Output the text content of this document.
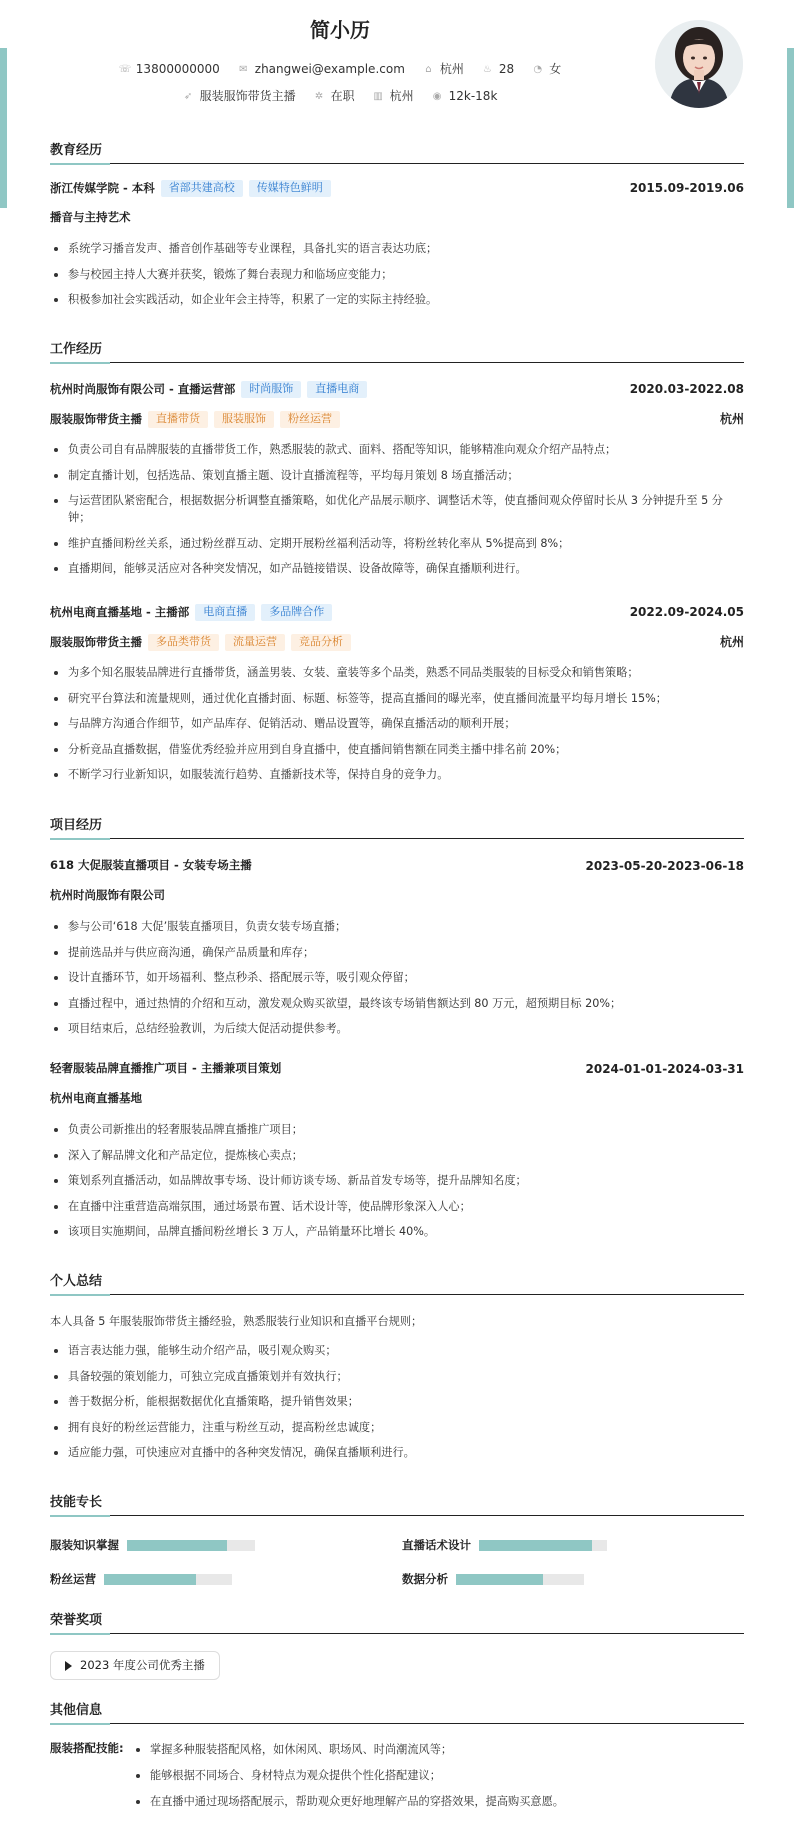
简小历
☏ 13800000000 ✉ zhangwei@example.com ⌂ 杭州 ♨ 28 ◔ 女
➶ 服装服饰带货主播 ✲ 在职 ▥ 杭州 ◉ 12k-18k
教育经历
浙江传媒学院 - 本科	省部共建高校	传媒特色鲜明	2015.09-2019.06
播音与主持艺术
系统学习播音发声、播音创作基础等专业课程，具备扎实的语言表达功底；
参与校园主持人大赛并获奖，锻炼了舞台表现力和临场应变能力；
积极参加社会实践活动，如企业年会主持等，积累了一定的实际主持经验。
工作经历
杭州时尚服饰有限公司 - 直播运营部	时尚服饰	直播电商	2020.03-2022.08
服装服饰带货主播	直播带货	服装服饰	粉丝运营	杭州
负责公司自有品牌服装的直播带货工作，熟悉服装的款式、面料、搭配等知识，能够精准向观众介绍产品特点；
制定直播计划，包括选品、策划直播主题、设计直播流程等，平均每月策划 8 场直播活动；
与运营团队紧密配合，根据数据分析调整直播策略，如优化产品展示顺序、调整话术等，使直播间观众停留时长从 3 分钟提升至 5 分钟；
维护直播间粉丝关系，通过粉丝群互动、定期开展粉丝福利活动等，将粉丝转化率从 5%提高到 8%；
直播期间，能够灵活应对各种突发情况，如产品链接错误、设备故障等，确保直播顺利进行。
杭州电商直播基地 - 主播部	电商直播	多品牌合作	2022.09-2024.05
服装服饰带货主播	多品类带货	流量运营	竞品分析	杭州
为多个知名服装品牌进行直播带货，涵盖男装、女装、童装等多个品类，熟悉不同品类服装的目标受众和销售策略；
研究平台算法和流量规则，通过优化直播封面、标题、标签等，提高直播间的曝光率，使直播间流量平均每月增长 15%；
与品牌方沟通合作细节，如产品库存、促销活动、赠品设置等，确保直播活动的顺利开展；
分析竞品直播数据，借鉴优秀经验并应用到自身直播中，使直播间销售额在同类主播中排名前 20%；
不断学习行业新知识，如服装流行趋势、直播新技术等，保持自身的竞争力。
项目经历
618 大促服装直播项目 - 女装专场主播	2023-05-20-2023-06-18
杭州时尚服饰有限公司
参与公司‘618 大促’服装直播项目，负责女装专场直播；
提前选品并与供应商沟通，确保产品质量和库存；
设计直播环节，如开场福利、整点秒杀、搭配展示等，吸引观众停留；
直播过程中，通过热情的介绍和互动，激发观众购买欲望，最终该专场销售额达到 80 万元，超预期目标 20%；
项目结束后，总结经验教训，为后续大促活动提供参考。
轻奢服装品牌直播推广项目 - 主播兼项目策划	2024-01-01-2024-03-31
杭州电商直播基地
负责公司新推出的轻奢服装品牌直播推广项目；
深入了解品牌文化和产品定位，提炼核心卖点；
策划系列直播活动，如品牌故事专场、设计师访谈专场、新品首发专场等，提升品牌知名度；
在直播中注重营造高端氛围，通过场景布置、话术设计等，使品牌形象深入人心；
该项目实施期间，品牌直播间粉丝增长 3 万人，产品销量环比增长 40%。
个人总结
本人具备 5 年服装服饰带货主播经验，熟悉服装行业知识和直播平台规则；
语言表达能力强，能够生动介绍产品，吸引观众购买；
具备较强的策划能力，可独立完成直播策划并有效执行；
善于数据分析，能根据数据优化直播策略，提升销售效果；
拥有良好的粉丝运营能力，注重与粉丝互动，提高粉丝忠诚度；
适应能力强，可快速应对直播中的各种突发情况，确保直播顺利进行。
技能专长
服装知识掌握	直播话术设计
粉丝运营	数据分析
荣誉奖项
2023 年度公司优秀主播
其他信息
服装搭配技能:	掌握多种服装搭配风格，如休闲风、职场风、时尚潮流风等；
能够根据不同场合、身材特点为观众提供个性化搭配建议；
在直播中通过现场搭配展示，帮助观众更好地理解产品的穿搭效果，提高购买意愿。
